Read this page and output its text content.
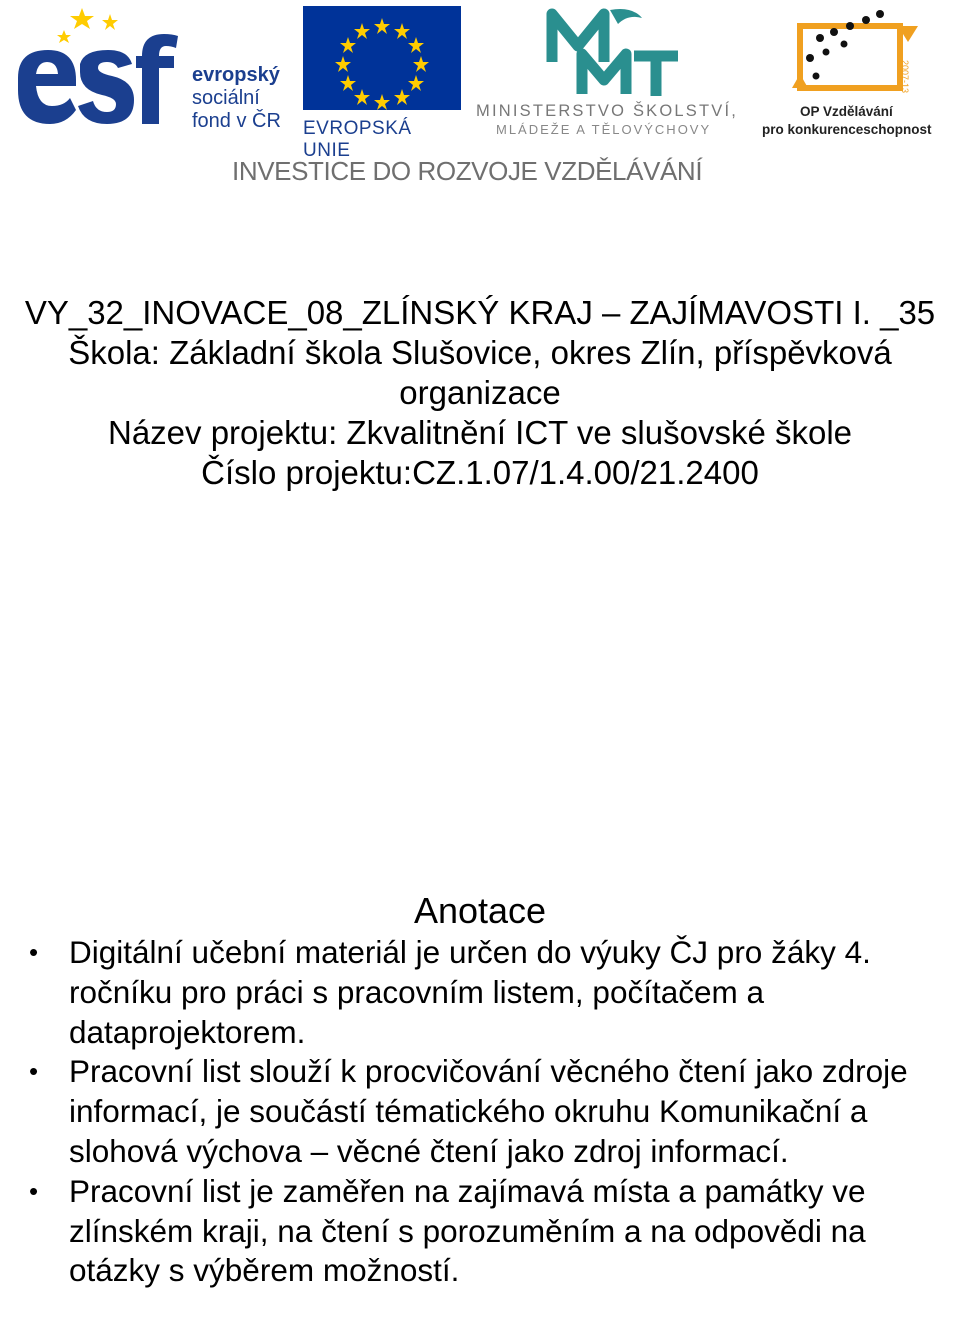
evropský
sociální
fond v ČR EVROPSKÁ UNIE
MINISTERSTVO ŠKOLSTVÍ,
MLÁDEŽE A TĚLOVÝCHOVY
2007-13
OP Vzdělávání
pro konkurenceschopnost
INVESTICE DO ROZVOJE VZDĚLÁVÁNÍ
VY_32_INOVACE_08_ZLÍNSKÝ KRAJ – ZAJÍMAVOSTI I. _35
Škola: Základní škola Slušovice, okres Zlín, příspěvková
organizace
Název projektu: Zkvalitnění ICT ve slušovské škole
Číslo projektu:CZ.1.07/1.4.00/21.2400
Anotace
• Digitální učební materiál je určen do výuky ČJ pro žáky 4. ročníku pro práci s pracovním listem, počítačem a dataprojektorem.
• Pracovní list slouží k procvičování věcného čtení jako zdroje informací, je součástí tématického okruhu Komunikační a slohová výchova – věcné čtení jako zdroj informací.
• Pracovní list je zaměřen na zajímavá místa a památky ve zlínském kraji, na čtení s porozuměním a na odpovědi na otázky s výběrem možností.
